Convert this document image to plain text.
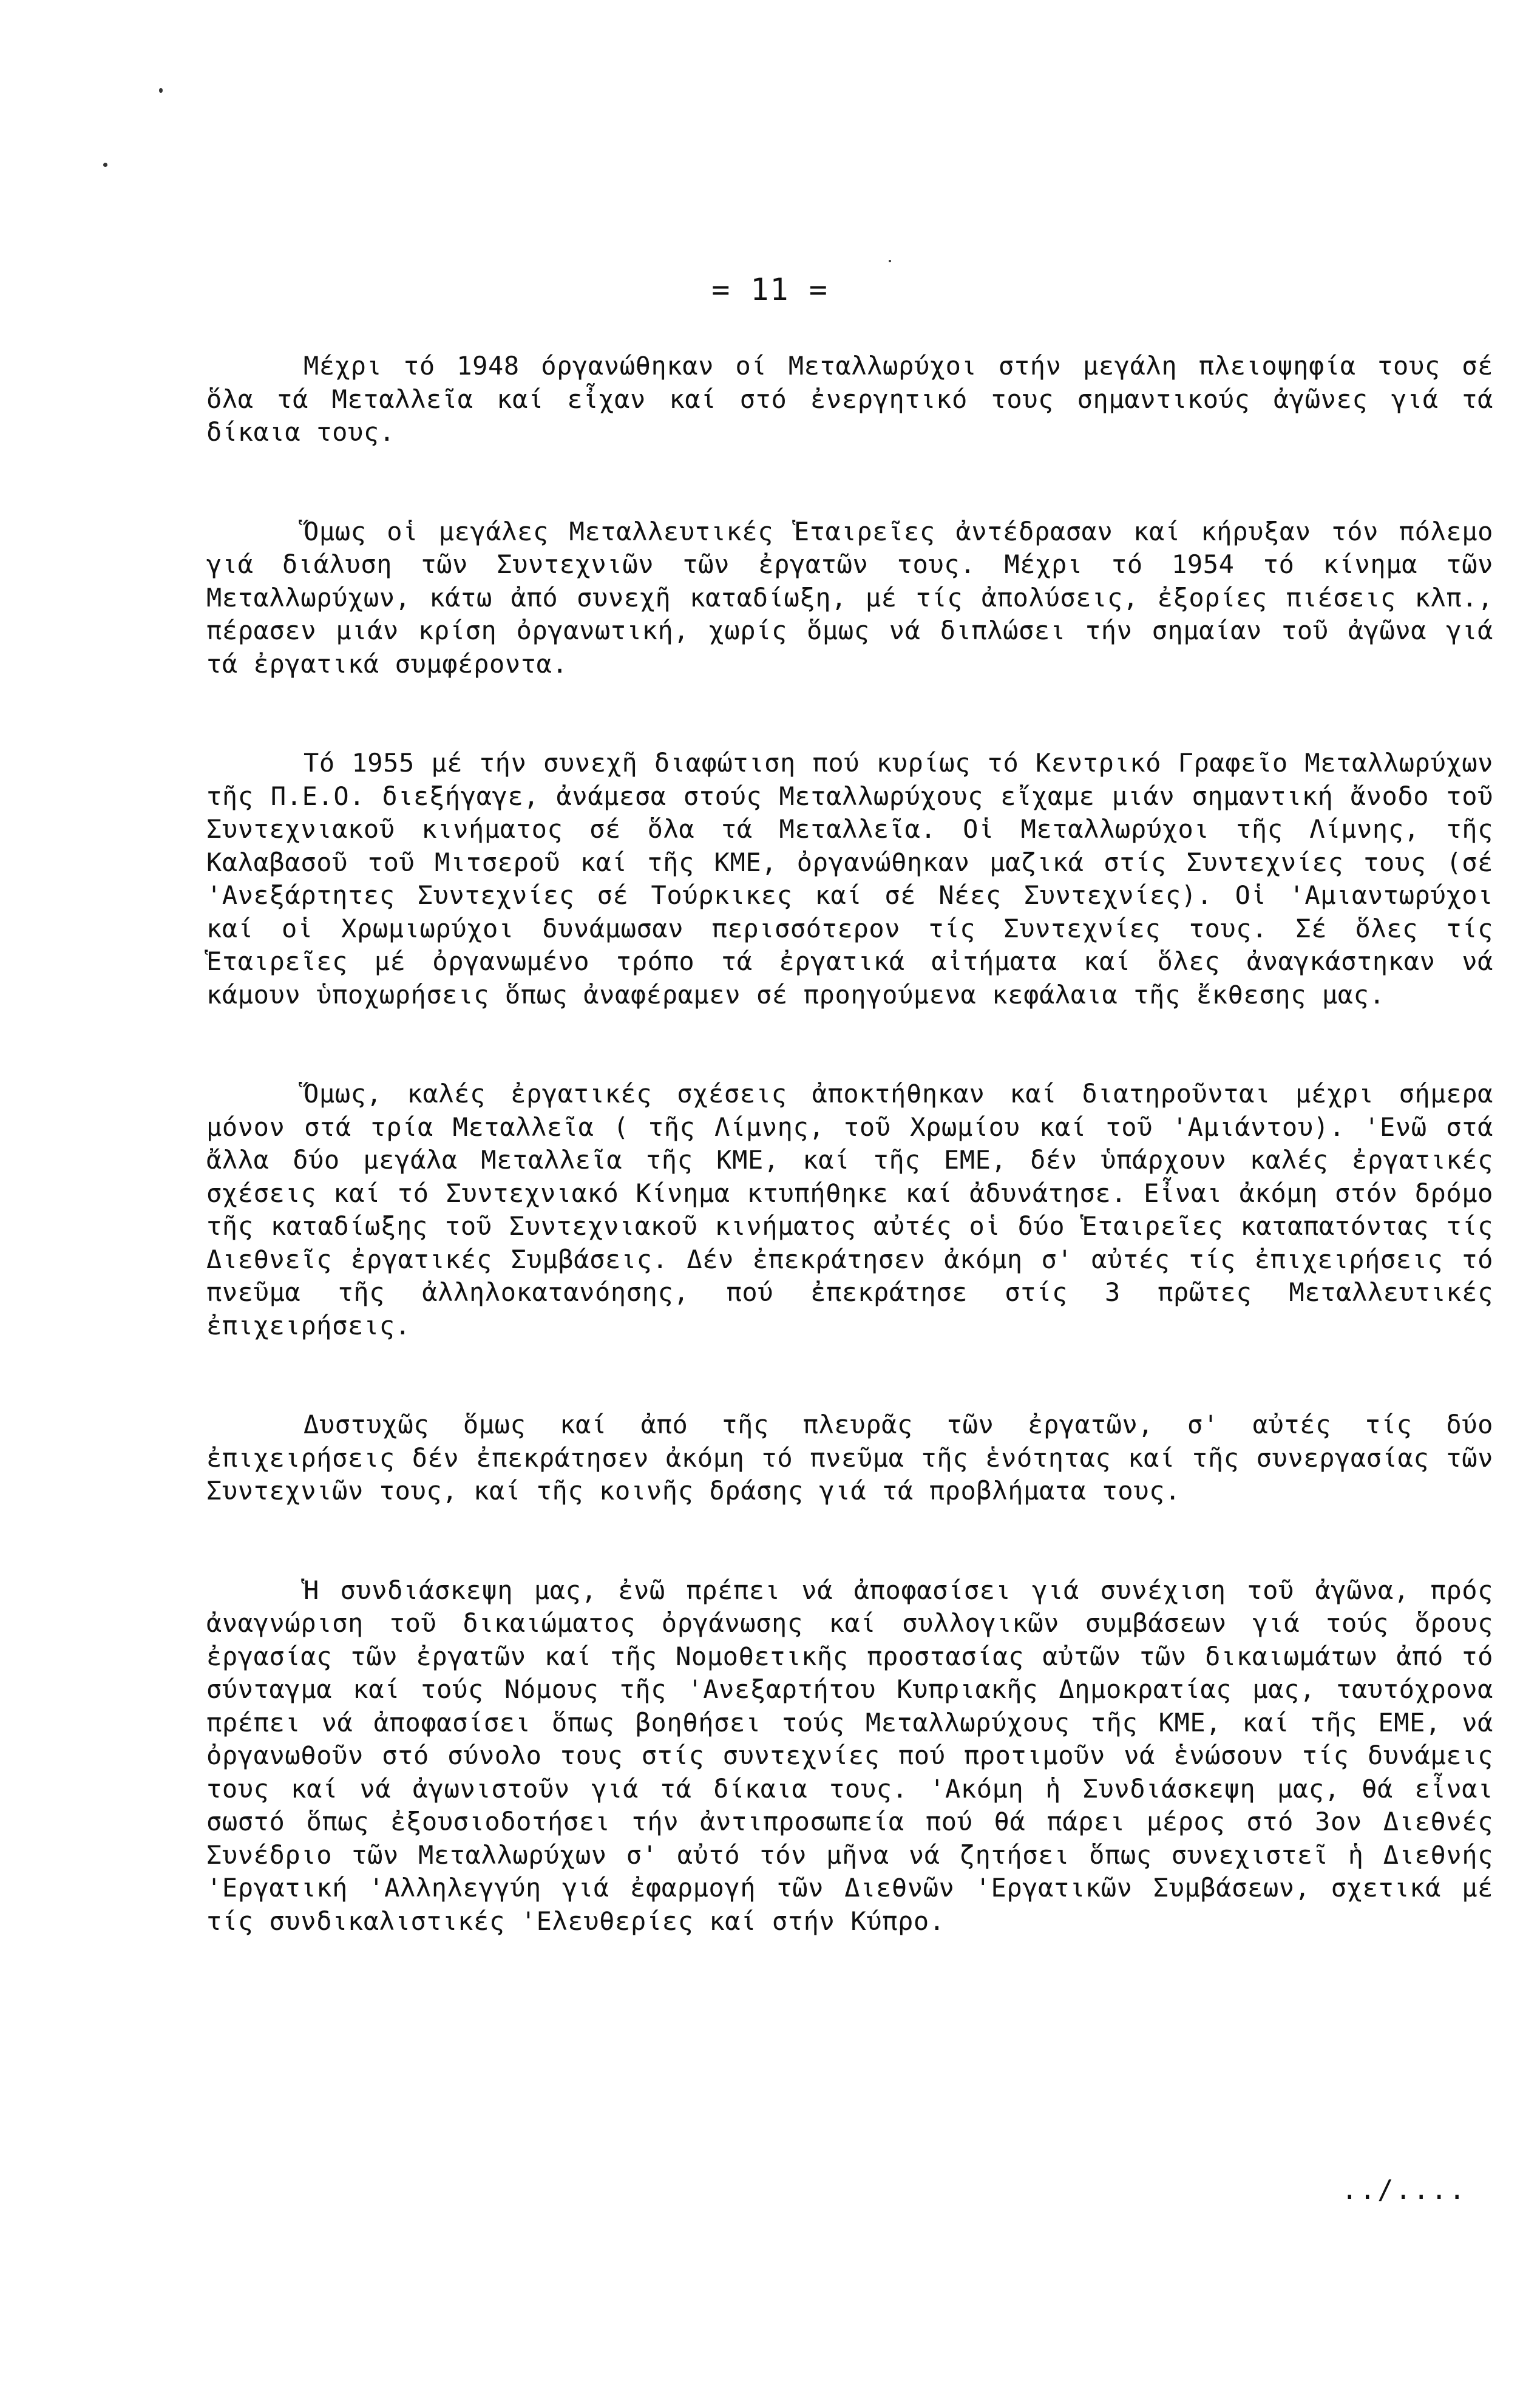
= 11 =

Μέχρι τό 1948 όργανώθηκαν οί Μεταλλωρύχοι στήν μεγάλη πλειοψηφία τους σέ ὅλα τά Μεταλλεῖα καί εἶχαν καί στό ἐνεργητικό τους σημαντικούς ἀγῶνες γιά τά δίκαια τους.

Ὅμως οἱ μεγάλες Μεταλλευτικές Ἑταιρεῖες ἀντέδρασαν καί κήρυξαν τόν πόλεμο γιά διάλυση τῶν Συντεχνιῶν τῶν ἐργατῶν τους. Μέχρι τό 1954 τό κίνημα τῶν Μεταλλωρύχων, κάτω ἀπό συνεχῆ καταδίωξη, μέ τίς ἀπολύσεις, ἐξορίες πιέσεις κλπ., πέρασεν μιάν κρίση ὀργανωτική, χωρίς ὅμως νά διπλώσει τήν σημαίαν τοῦ ἀγῶνα γιά τά ἐργατικά συμφέροντα.

Τό 1955 μέ τήν συνεχῆ διαφώτιση πού κυρίως τό Κεντρικό Γραφεῖο Μεταλλωρύχων τῆς Π.Ε.Ο. διεξήγαγε, ἀνάμεσα στούς Μεταλλωρύχους εἴχαμε μιάν σημαντική ἄνοδο τοῦ Συντεχνιακοῦ κινήματος σέ ὅλα τά Μεταλλεῖα. Οἱ Μεταλλωρύχοι τῆς Λίμνης, τῆς Καλαβασοῦ τοῦ Μιτσεροῦ καί τῆς ΚΜΕ, ὀργανώθηκαν μαζικά στίς Συντεχνίες τους (σέ 'Ανεξάρτητες Συντεχνίες σέ Τούρκικες καί σέ Νέες Συντεχνίες). Οἱ 'Αμιαντωρύχοι καί οἱ Χρωμιωρύχοι δυνάμωσαν περισσότερον τίς Συντεχνίες τους. Σέ ὅλες τίς Ἑταιρεῖες μέ ὀργανωμένο τρόπο τά ἐργατικά αἰτήματα καί ὅλες ἀναγκάστηκαν νά κάμουν ὑποχωρήσεις ὅπως ἀναφέραμεν σέ προηγούμενα κεφάλαια τῆς ἔκθεσης μας.

Ὅμως, καλές ἐργατικές σχέσεις ἀποκτήθηκαν καί διατηροῦνται μέχρι σήμερα μόνον στά τρία Μεταλλεῖα ( τῆς Λίμνης, τοῦ Χρωμίου καί τοῦ 'Αμιάντου). 'Ενῶ στά ἄλλα δύο μεγάλα Μεταλλεῖα τῆς ΚΜΕ, καί τῆς ΕΜΕ, δέν ὑπάρχουν καλές ἐργατικές σχέσεις καί τό Συντεχνιακό Κίνημα κτυπήθηκε καί ἀδυνάτησε. Εἶναι ἀκόμη στόν δρόμο τῆς καταδίωξης τοῦ Συντεχνιακοῦ κινήματος αὐτές οἱ δύο Ἑταιρεῖες καταπατόντας τίς Διεθνεῖς ἐργατικές Συμβάσεις. Δέν ἐπεκράτησεν ἀκόμη σ' αὐτές τίς ἐπιχειρήσεις τό πνεῦμα τῆς ἀλληλοκατανόησης, πού ἐπεκράτησε στίς 3 πρῶτες Μεταλλευτικές ἐπιχειρήσεις.

Δυστυχῶς ὅμως καί ἀπό τῆς πλευρᾶς τῶν ἐργατῶν, σ' αὐτές τίς δύο ἐπιχειρήσεις δέν ἐπεκράτησεν ἀκόμη τό πνεῦμα τῆς ἑνότητας καί τῆς συνεργασίας τῶν Συντεχνιῶν τους, καί τῆς κοινῆς δράσης γιά τά προβλήματα τους.

Ἡ συνδιάσκεψη μας, ἐνῶ πρέπει νά ἀποφασίσει γιά συνέχιση τοῦ ἀγῶνα, πρός ἀναγνώριση τοῦ δικαιώματος ὀργάνωσης καί συλλογικῶν συμβάσεων γιά τούς ὅρους ἐργασίας τῶν ἐργατῶν καί τῆς Νομοθετικῆς προστασίας αὐτῶν τῶν δικαιωμάτων ἀπό τό σύνταγμα καί τούς Νόμους τῆς 'Ανεξαρτήτου Κυπριακῆς Δημοκρατίας μας, ταυτόχρονα πρέπει νά ἀποφασίσει ὅπως βοηθήσει τούς Μεταλλωρύχους τῆς ΚΜΕ, καί τῆς ΕΜΕ, νά ὀργανωθοῦν στό σύνολο τους στίς συντεχνίες πού προτιμοῦν νά ἑνώσουν τίς δυνάμεις τους καί νά ἀγωνιστοῦν γιά τά δίκαια τους. 'Ακόμη ἡ Συνδιάσκεψη μας, θά εἶναι σωστό ὅπως ἐξουσιοδοτήσει τήν ἀντιπροσωπεία πού θά πάρει μέρος στό 3ον Διεθνές Συνέδριο τῶν Μεταλλωρύχων σ' αὐτό τόν μῆνα νά ζητήσει ὅπως συνεχιστεῖ ἡ Διεθνής 'Εργατική 'Αλληλεγγύη γιά ἐφαρμογή τῶν Διεθνῶν 'Εργατικῶν Συμβάσεων, σχετικά μέ τίς συνδικαλιστικές 'Ελευθερίες καί στήν Κύπρο.

../....
